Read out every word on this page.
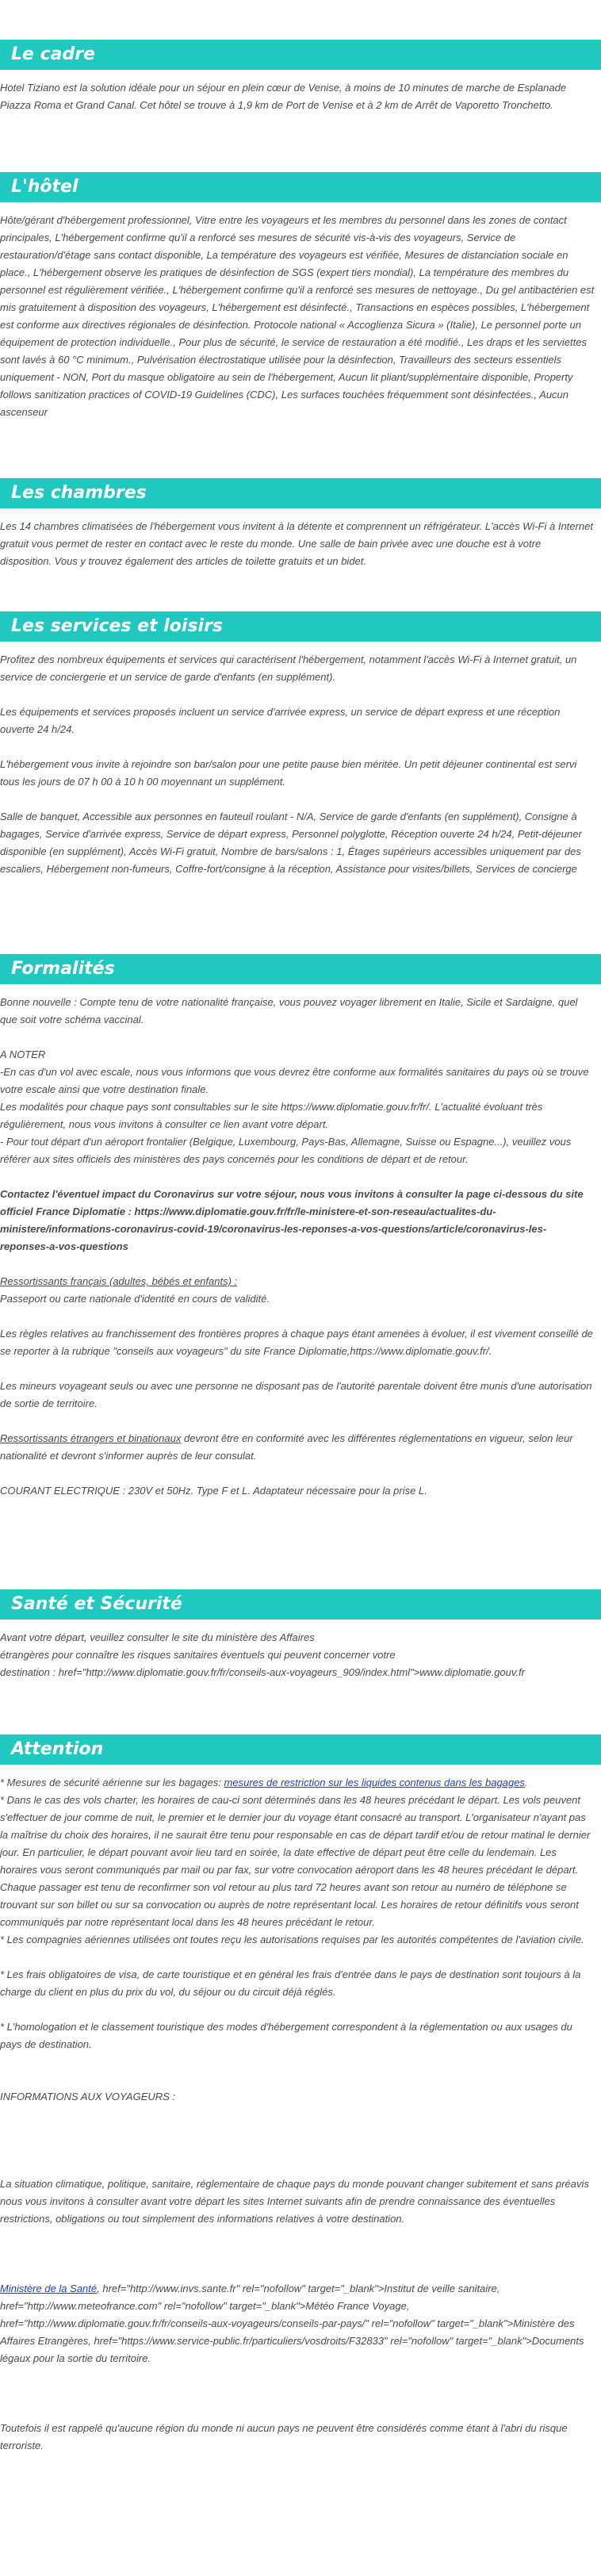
Le cadre

Hotel Tiziano est la solution idéale pour un séjour en plein cœur de Venise, à moins de 10 minutes de marche de Esplanade Piazza Roma et Grand Canal. Cet hôtel se trouve à 1,9 km de Port de Venise et à 2 km de Arrêt de Vaporetto Tronchetto.

L'hôtel

Hôte/gérant d'hébergement professionnel, Vitre entre les voyageurs et les membres du personnel dans les zones de contact principales, L'hébergement confirme qu'il a renforcé ses mesures de sécurité vis-à-vis des voyageurs, Service de restauration/d'étage sans contact disponible, La température des voyageurs est vérifiée, Mesures de distanciation sociale en place., L'hébergement observe les pratiques de désinfection de SGS (expert tiers mondial), La température des membres du personnel est régulièrement vérifiée., L'hébergement confirme qu'il a renforcé ses mesures de nettoyage., Du gel antibactérien est mis gratuitement à disposition des voyageurs, L'hébergement est désinfecté., Transactions en espèces possibles, L'hébergement est conforme aux directives régionales de désinfection. Protocole national « Accoglienza Sicura » (Italie), Le personnel porte un équipement de protection individuelle., Pour plus de sécurité, le service de restauration a été modifié., Les draps et les serviettes sont lavés à 60 °C minimum., Pulvérisation électrostatique utilisée pour la désinfection, Travailleurs des secteurs essentiels uniquement - NON, Port du masque obligatoire au sein de l'hébergement, Aucun lit pliant/supplémentaire disponible, Property follows sanitization practices of COVID-19 Guidelines (CDC), Les surfaces touchées fréquemment sont désinfectées., Aucun ascenseur

Les chambres

Les 14 chambres climatisées de l'hébergement vous invitent à la détente et comprennent un réfrigérateur. L'accès Wi-Fi à Internet gratuit vous permet de rester en contact avec le reste du monde. Une salle de bain privée avec une douche est à votre disposition. Vous y trouvez également des articles de toilette gratuits et un bidet.

Les services et loisirs

Profitez des nombreux équipements et services qui caractérisent l'hébergement, notamment l'accès Wi-Fi à Internet gratuit, un service de conciergerie et un service de garde d'enfants (en supplément).

Les équipements et services proposés incluent un service d'arrivée express, un service de départ express et une réception ouverte 24 h/24.

L'hébergement vous invite à rejoindre son bar/salon pour une petite pause bien méritée. Un petit déjeuner continental est servi tous les jours de 07 h 00 à 10 h 00 moyennant un supplément.

Salle de banquet, Accessible aux personnes en fauteuil roulant - N/A, Service de garde d'enfants (en supplément), Consigne à bagages, Service d'arrivée express, Service de départ express, Personnel polyglotte, Réception ouverte 24 h/24, Petit-déjeuner disponible (en supplément), Accès Wi-Fi gratuit, Nombre de bars/salons : 1, Étages supérieurs accessibles uniquement par des escaliers, Hébergement non-fumeurs, Coffre-fort/consigne à la réception, Assistance pour visites/billets, Services de concierge

Formalités

Bonne nouvelle : Compte tenu de votre nationalité française, vous pouvez voyager librement en Italie, Sicile et Sardaigne, quel que soit votre schéma vaccinal.

A NOTER

-En cas d'un vol avec escale, nous vous informons que vous devrez être conforme aux formalités sanitaires du pays où se trouve votre escale ainsi que votre destination finale.

Les modalités pour chaque pays sont consultables sur le site https://www.diplomatie.gouv.fr/fr/. L'actualité évoluant très régulièrement, nous vous invitons à consulter ce lien avant votre départ.

- Pour tout départ d'un aéroport frontalier (Belgique, Luxembourg, Pays-Bas, Allemagne, Suisse ou Espagne...), veuillez vous référer aux sites officiels des ministères des pays concernés pour les conditions de départ et de retour.

Contactez l'éventuel impact du Coronavirus sur votre séjour, nous vous invitons à consulter la page ci-dessous du site officiel France Diplomatie : https://www.diplomatie.gouv.fr/fr/le-ministere-et-son-reseau/actualites-du-ministere/informations-coronavirus-covid-19/coronavirus-les-reponses-a-vos-questions/article/coronavirus-les-reponses-a-vos-questions

Ressortissants français (adultes, bébés et enfants) :

Passeport ou carte nationale d'identité en cours de validité.

Les règles relatives au franchissement des frontières propres à chaque pays étant amenées à évoluer, il est vivement conseillé de se reporter à la rubrique "conseils aux voyageurs" du site France Diplomatie,https://www.diplomatie.gouv.fr/.

Les mineurs voyageant seuls ou avec une personne ne disposant pas de l'autorité parentale doivent être munis d'une autorisation de sortie de territoire.

Ressortissants étrangers et binationaux devront être en conformité avec les différentes réglementations en vigueur, selon leur nationalité et devront s'informer auprès de leur consulat.

COURANT ELECTRIQUE : 230V et 50Hz. Type F et L. Adaptateur nécessaire pour la prise L.

Santé et Sécurité

Avant votre départ, veuillez consulter le site du ministère des Affaires

étrangères pour connaître les risques sanitaires éventuels qui peuvent concerner votre

destination : href="http://www.diplomatie.gouv.fr/fr/conseils-aux-voyageurs_909/index.html">www.diplomatie.gouv.fr

Attention

* Mesures de sécurité aérienne sur les bagages: mesures de restriction sur les liquides contenus dans les bagages.

* Dans le cas des vols charter, les horaires de cau-ci sont déterminés dans les 48 heures précédant le départ. Les vols peuvent s'effectuer de jour comme de nuit, le premier et le dernier jour du voyage étant consacré au transport. L'organisateur n'ayant pas la maîtrise du choix des horaires, il ne saurait être tenu pour responsable en cas de départ tardif et/ou de retour matinal le dernier jour. En particulier, le départ pouvant avoir lieu tard en soirée, la date effective de départ peut être celle du lendemain. Les horaires vous seront communiqués par mail ou par fax, sur votre convocation aéroport dans les 48 heures précédant le départ. Chaque passager est tenu de reconfirmer son vol retour au plus tard 72 heures avant son retour au numéro de téléphone se trouvant sur son billet ou sur sa convocation ou auprès de notre représentant local. Les horaires de retour définitifs vous seront communiqués par notre représentant local dans les 48 heures précédant le retour.

* Les compagnies aériennes utilisées ont toutes reçu les autorisations requises par les autorités compétentes de l'aviation civile.

* Les frais obligatoires de visa, de carte touristique et en général les frais d'entrée dans le pays de destination sont toujours à la charge du client en plus du prix du vol, du séjour ou du circuit déjà réglés.

* L'homologation et le classement touristique des modes d'hébergement correspondent à la réglementation ou aux usages du pays de destination.

INFORMATIONS AUX VOYAGEURS :

La situation climatique, politique, sanitaire, réglementaire de chaque pays du monde pouvant changer subitement et sans préavis

nous vous invitons à consulter avant votre départ les sites Internet suivants afin de prendre connaissance des éventuelles restrictions, obligations ou tout simplement des informations relatives à votre destination.

Ministère de la Santé, href="http://www.invs.sante.fr" rel="nofollow" target="_blank">Institut de veille sanitaire, href="http://www.meteofrance.com" rel="nofollow" target="_blank">Météo France Voyage, href="http://www.diplomatie.gouv.fr/fr/conseils-aux-voyageurs/conseils-par-pays/" rel="nofollow" target="_blank">Ministère des Affaires Etrangères, href="https://www.service-public.fr/particuliers/vosdroits/F32833" rel="nofollow" target="_blank">Documents légaux pour la sortie du territoire.

Toutefois il est rappelé qu'aucune région du monde ni aucun pays ne peuvent être considérés comme étant à l'abri du risque terroriste.
